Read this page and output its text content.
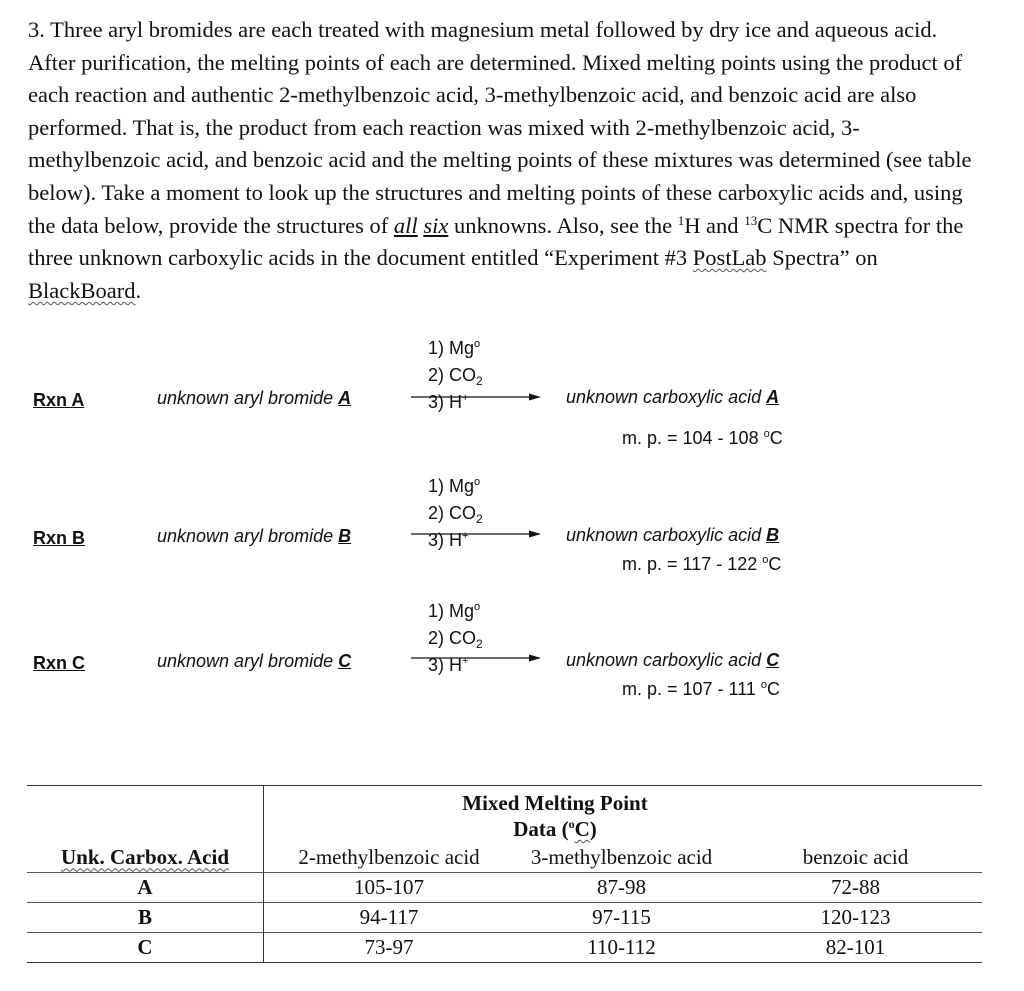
3. Three aryl bromides are each treated with magnesium metal followed by dry ice and aqueous acid. After purification, the melting points of each are determined. Mixed melting points using the product of each reaction and authentic 2-methylbenzoic acid, 3-methylbenzoic acid, and benzoic acid are also performed. That is, the product from each reaction was mixed with 2-methylbenzoic acid, 3-methylbenzoic acid, and benzoic acid and the melting points of these mixtures was determined (see table below). Take a moment to look up the structures and melting points of these carboxylic acids and, using the data below, provide the structures of all six unknowns. Also, see the $^1$H and $^{13}$C NMR spectra for the three unknown carboxylic acids in the document entitled “Experiment #3 PostLab Spectra” on BlackBoard.
Rxn A	unknown aryl bromide A
1) Mg$^o$
2) $CO_2$
3) H+	unknown carboxylic acid A
m. p. = 104 - 108 $^o$C
Rxn B	unknown aryl bromide B
1) Mg$^o$
2) $CO_2$
3) H+	unknown carboxylic acid B
m. p. = 117 - 122 $^o$C
Rxn C	unknown aryl bromide C
1) Mg$^o$
2) $CO_2$
3) H+	unknown carboxylic acid C
m. p. = 107 - 111 $^o$C
	Mixed Melting Point		
	Data ($^o$C)		
Unk. Carbox. Acid	2-methylbenzoic acid	3-methylbenzoic acid	benzoic acid
A	105-107	87-98	72-88
B	94-117	97-115	120-123
C	73-97	110-112	82-101
